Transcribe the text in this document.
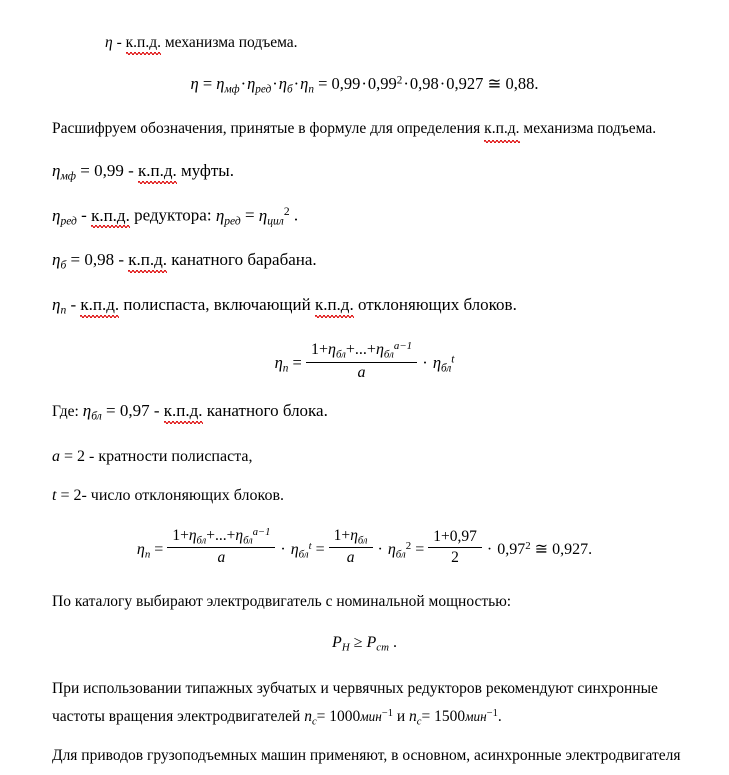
η - к.п.д. механизма подъема.
$\eta = \eta_{мф}\cdot\eta_{ред}\cdot\eta_б\cdot\eta_п = 0,99\cdot 0,99^2\cdot 0,98\cdot 0,927$ ≅ 0,88.
Расшифруем обозначения, принятые в формуле для определения к.п.д. механизма подъема.
$\eta_{мф} = 0,99 - к.п.д$. муфты.
$\eta_{ред} - к.п.д$. редуктора: $\eta_{ред} = \eta_{цил}^2$ .
$\eta_б = 0,98 - к.п.д$. канатного барабана.
$\eta_п - к.п.д$. полиспаста, включающий к.п.д. отклоняющих блоков.
$\eta_п = \frac{1+\eta_{бл}+...+\eta_{бл}^{a-1}}{a} \cdot \eta_{бл}^t$
Где: $\eta_{бл} = 0,97 - к.п.д$. канатного блока.
a = 2 - кратности полиспаста,
t = 2- число отклоняющих блоков.
$\eta_п = \frac{1+\eta_{бл}+...+\eta_{бл}^{a-1}}{a} \cdot \eta_{бл}^t = \frac{1+\eta_{бл}}{a} \cdot \eta_{бл}^2 = \frac{1+0,97}{2} \cdot 0,97^2$ ≅ 0,927.
По каталогу выбирают электродвигатель с номинальной мощностью:
$P_Н \ge P_{ст}$ .
При использовании типажных зубчатых и червячных редукторов рекомендуют синхронные
частоты вращения электродвигателей $n_с= 1000мин^{-1}$ и $n_с= 1500мин^{-1}$.
Для приводов грузоподъемных машин применяют, в основном, асинхронные электродвигателя
